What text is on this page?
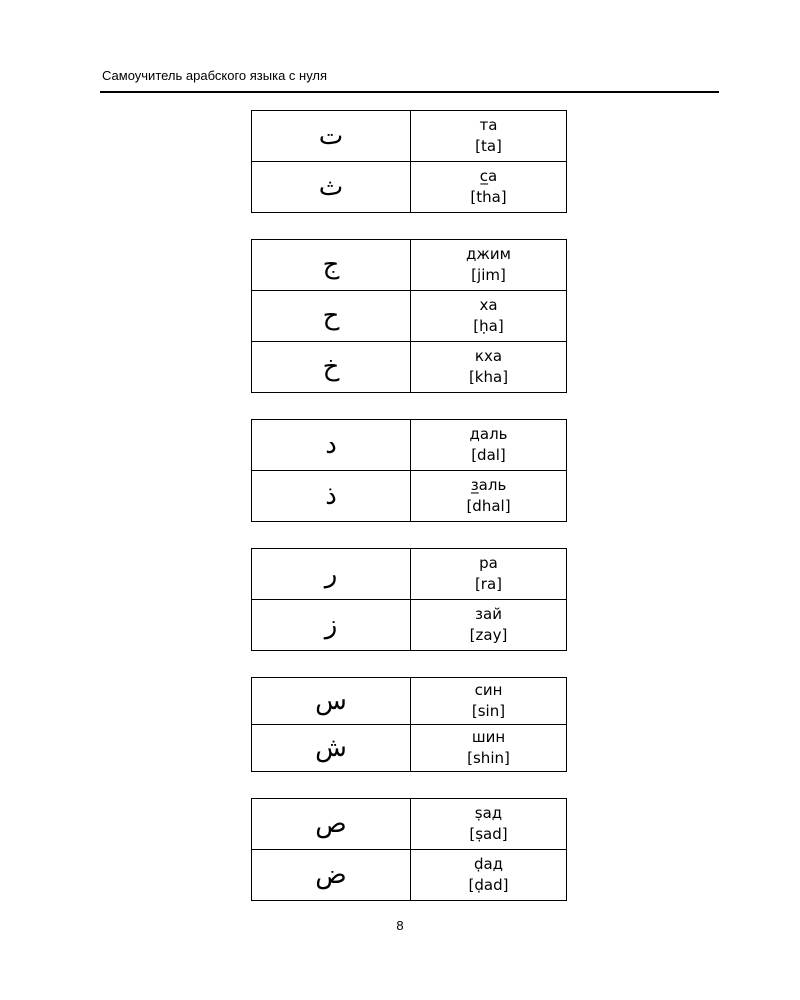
Самоучитель арабского языка с нуля
ت	та
[ta]

ث	с̲а
[tha]
ج	джим
[jim]

ح	ха
[ḥa]

خ	кха
[kha]
د	даль
[dal]

ذ	з̲аль
[dhal]
ر	ра
[ra]

ز	зай
[zay]
س	син
[sin]

ش	шин
[shin]
ص	ṣад
[ṣad]

ض	ḍад
[ḍad]
8
